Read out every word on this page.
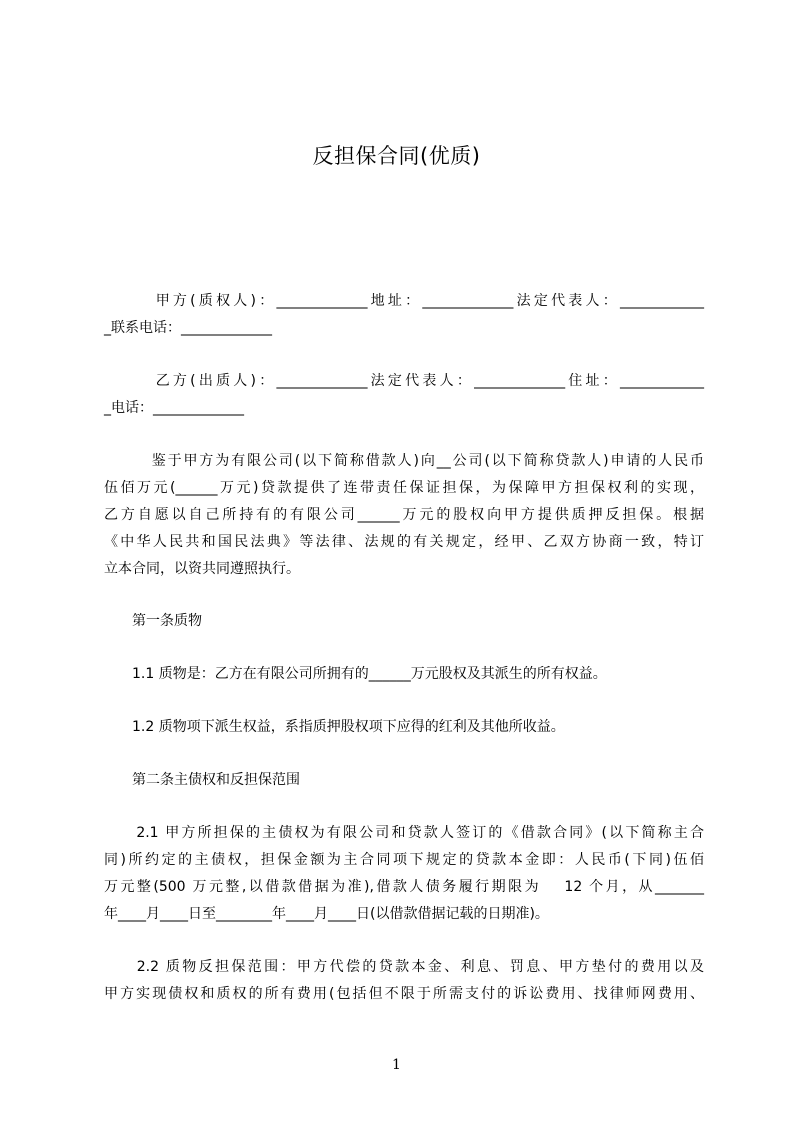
反担保合同(优质)
　　　甲方(质权人)：_____________地址：_____________法定代表人：____________
_联系电话：_____________
　　　乙方(出质人)：_____________法定代表人：_____________住址：____________
_电话：_____________
　　　鉴于甲方为有限公司(以下简称借款人)向__公司(以下简称贷款人)申请的人民币
伍佰万元(______万元)贷款提供了连带责任保证担保，为保障甲方担保权利的实现，
乙方自愿以自己所持有的有限公司______万元的股权向甲方提供质押反担保。根据
《中华人民共和国民法典》等法律、法规的有关规定，经甲、乙双方协商一致，特订
立本合同，以资共同遵照执行。
　　第一条质物
　　1.1 质物是：乙方在有限公司所拥有的______万元股权及其派生的所有权益。
　　1.2 质物项下派生权益，系指质押股权项下应得的红利及其他所收益。
　　第二条主债权和反担保范围
　　2.1 甲方所担保的主债权为有限公司和贷款人签订的《借款合同》(以下简称主合
同)所约定的主债权，担保金额为主合同项下规定的贷款本金即：人民币(下同)伍佰
万元整(500 万元整,以借款借据为准),借款人债务履行期限为　 12 个月，从_______
年____月____日至________年____月____日(以借款借据记载的日期准)。
　　2.2 质物反担保范围：甲方代偿的贷款本金、利息、罚息、甲方垫付的费用以及
甲方实现债权和质权的所有费用(包括但不限于所需支付的诉讼费用、找律师网费用、
1
